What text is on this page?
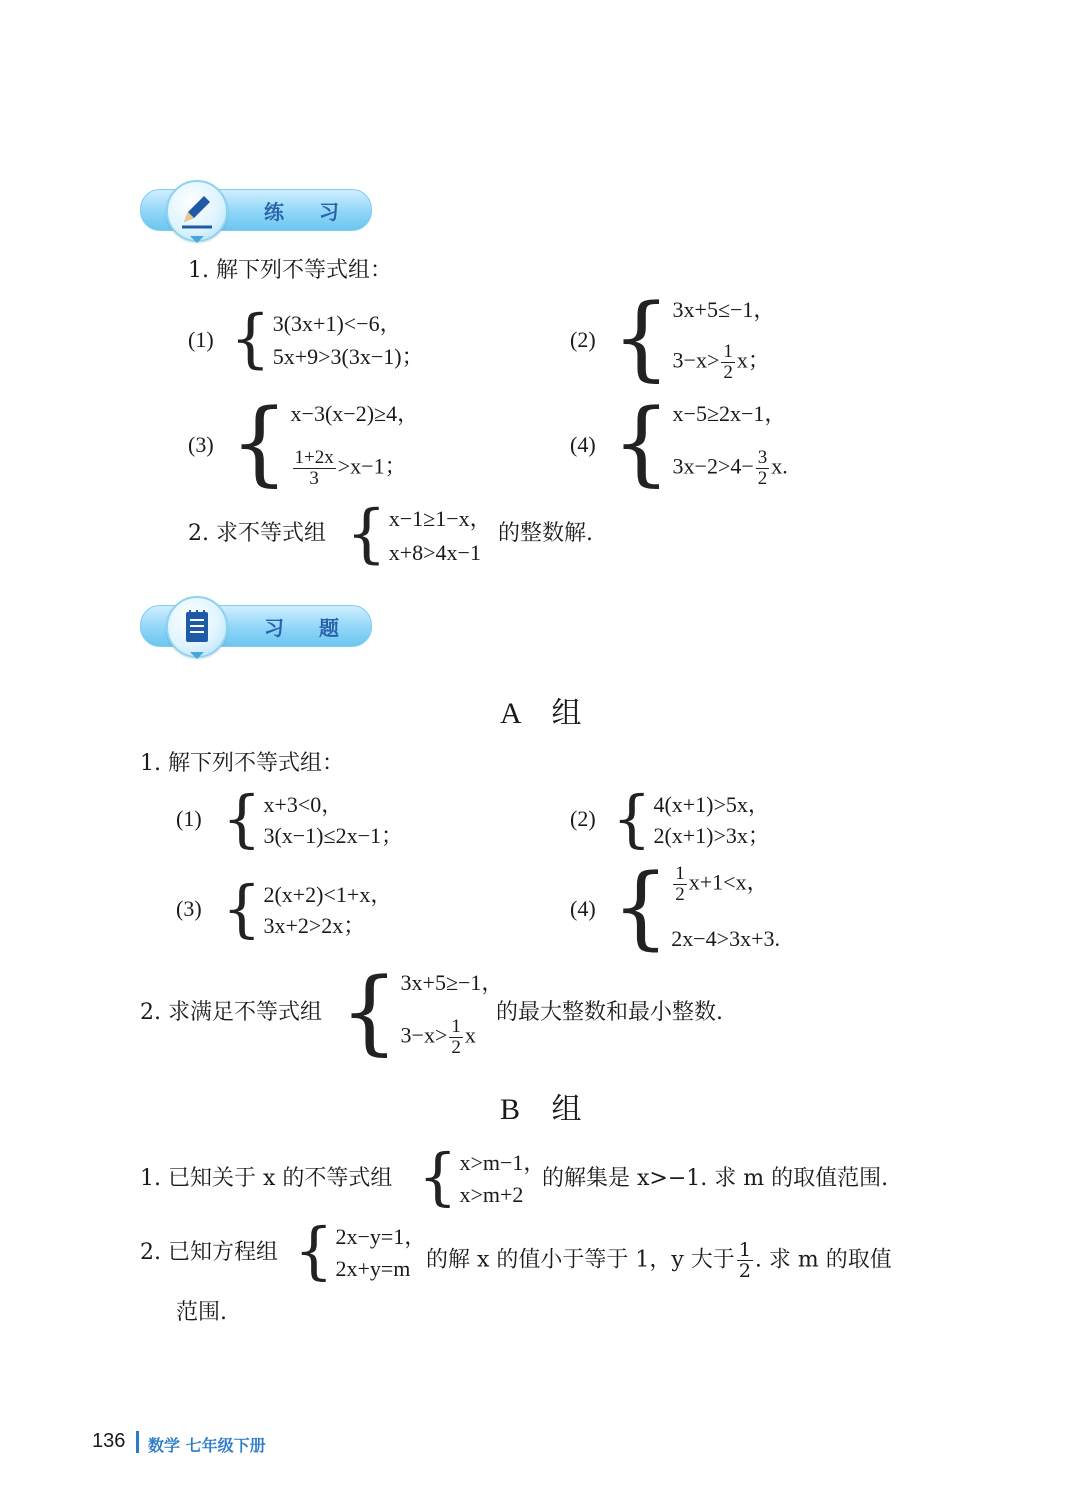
练 习
1. 解下列不等式组：
(1) { 3(3x+1)<−6，
5x+9>3(3x−1)；
(2) { 3x+5≤−1，
$3-x> \frac{1}{2}$ x；
(3) { x−3(x−2)≥4，
$\frac{1+2x}{3} >x-1$；
(4) { x−5≥2x−1，
$3x-2>4- \frac{3}{2} x$.
2. 求不等式组 { x−1≥1−x，
x+8>4x−1
的整数解.
习 题
A 组
1. 解下列不等式组：
(1) { x+3<0，
3(x−1)≤2x−1；
(2) { 4(x+1)>5x，
2(x+1)>3x；
(3) { 2(x+2)<1+x，
3x+2>2x；
(4) { $\frac{1}{2} x+1<x$，
2x−4>3x+3.
2. 求满足不等式组 { 3x+5≥−1，
$3-x> \frac{1}{2}$ x
的最大整数和最小整数.
B 组
1. 已知关于 x 的不等式组 { x>m−1，
x>m+2
的解集是 x>−1. 求 m 的取值范围.
2. 已知方程组 { 2x−y=1，
2x+y=m 的解 x 的值小于等于 1，y 大于 $\frac{1}{2}$ . 求 m 的取值
范围.
136 数学 七年级下册
